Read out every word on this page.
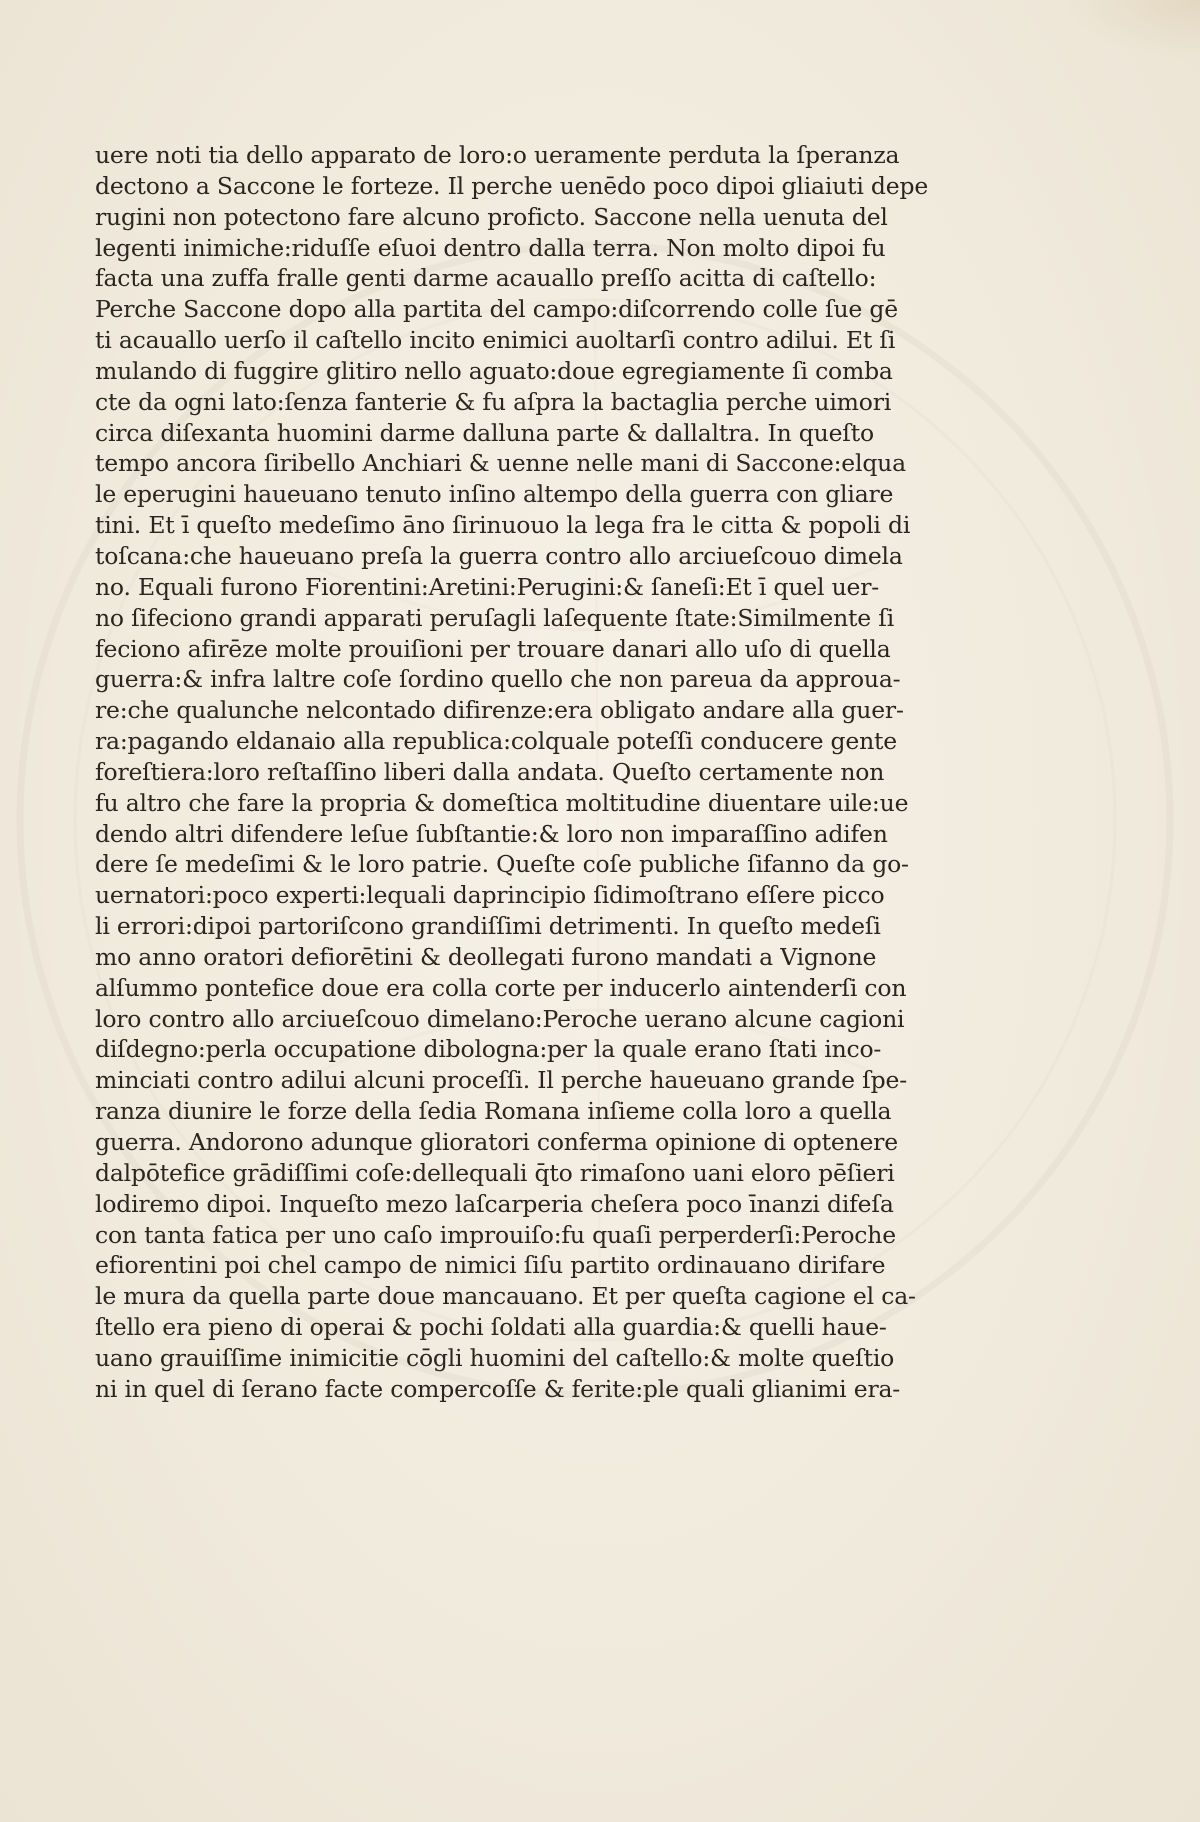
uere noti tia dello apparato de loro:o ueramente perduta la ſperanza
dectono a Saccone le forteze. Il perche uenēdo poco dipoi gliaiuti depe
rugini non potectono fare alcuno proficto. Saccone nella uenuta del
legenti inimiche:riduſſe eſuoi dentro dalla terra. Non molto dipoi fu
facta una zuffa fralle genti darme acauallo preſſo acitta di caſtello:
Perche Saccone dopo alla partita del campo:diſcorrendo colle ſue gē
ti acauallo uerſo il caſtello incito enimici auoltarſi contro adilui. Et ſi
mulando di fuggire glitiro nello aguato:doue egregiamente ſi comba
cte da ogni lato:ſenza fanterie & fu aſpra la bactaglia perche uimori
circa diſexanta huomini darme dalluna parte & dallaltra. In queſto
tempo ancora ſiribello Anchiari & uenne nelle mani di Saccone:elqua
le eperugini haueuano tenuto inſino altempo della guerra con gliare
tini. Et ī queſto medeſimo āno ſirinuouo la lega fra le citta & popoli di
toſcana:che haueuano preſa la guerra contro allo arciueſcouo dimela
no. Equali furono Fiorentini:Aretini:Perugini:& ſaneſi:Et ī quel uer‑
no ſifeciono grandi apparati peruſagli laſequente ſtate:Similmente ſi
feciono afirēze molte prouiſioni per trouare danari allo uſo di quella
guerra:& infra laltre coſe ſordino quello che non pareua da approua‑
re:che qualunche nelcontado difirenze:era obligato andare alla guer‑
ra:pagando eldanaio alla republica:colquale poteſſi conducere gente
foreſtiera:loro reſtaſſino liberi dalla andata. Queſto certamente non
fu altro che fare la propria & domeſtica moltitudine diuentare uile:ue
dendo altri difendere leſue ſubſtantie:& loro non imparaſſino adifen
dere ſe medeſimi & le loro patrie. Queſte coſe publiche ſifanno da go‑
uernatori:poco experti:lequali daprincipio ſidimoſtrano eſſere picco
li errori:dipoi partoriſcono grandiſſimi detrimenti. In queſto medeſi
mo anno oratori defiorētini & deollegati furono mandati a Vignone
alſummo pontefice doue era colla corte per inducerlo aintenderſi con
loro contro allo arciueſcouo dimelano:Peroche uerano alcune cagioni
diſdegno:perla occupatione dibologna:per la quale erano ſtati inco‑
minciati contro adilui alcuni proceſſi. Il perche haueuano grande ſpe‑
ranza diunire le forze della ſedia Romana inſieme colla loro a quella
guerra. Andorono adunque glioratori conferma opinione di optenere
dalpōtefice grādiſſimi coſe:dellequali q̄to rimaſono uani eloro pēſieri
lodiremo dipoi. Inqueſto mezo laſcarperia cheſera poco īnanzi difeſa
con tanta fatica per uno caſo improuiſo:fu quaſi perperderſi:Peroche
efiorentini poi chel campo de nimici ſiſu partito ordinauano dirifare
le mura da quella parte doue mancauano. Et per queſta cagione el ca‑
ſtello era pieno di operai & pochi ſoldati alla guardia:& quelli haue‑
uano grauiſſime inimicitie cōgli huomini del caſtello:& molte queſtio
ni in quel di ſerano facte compercoſſe & ferite:ple quali glianimi era‑
